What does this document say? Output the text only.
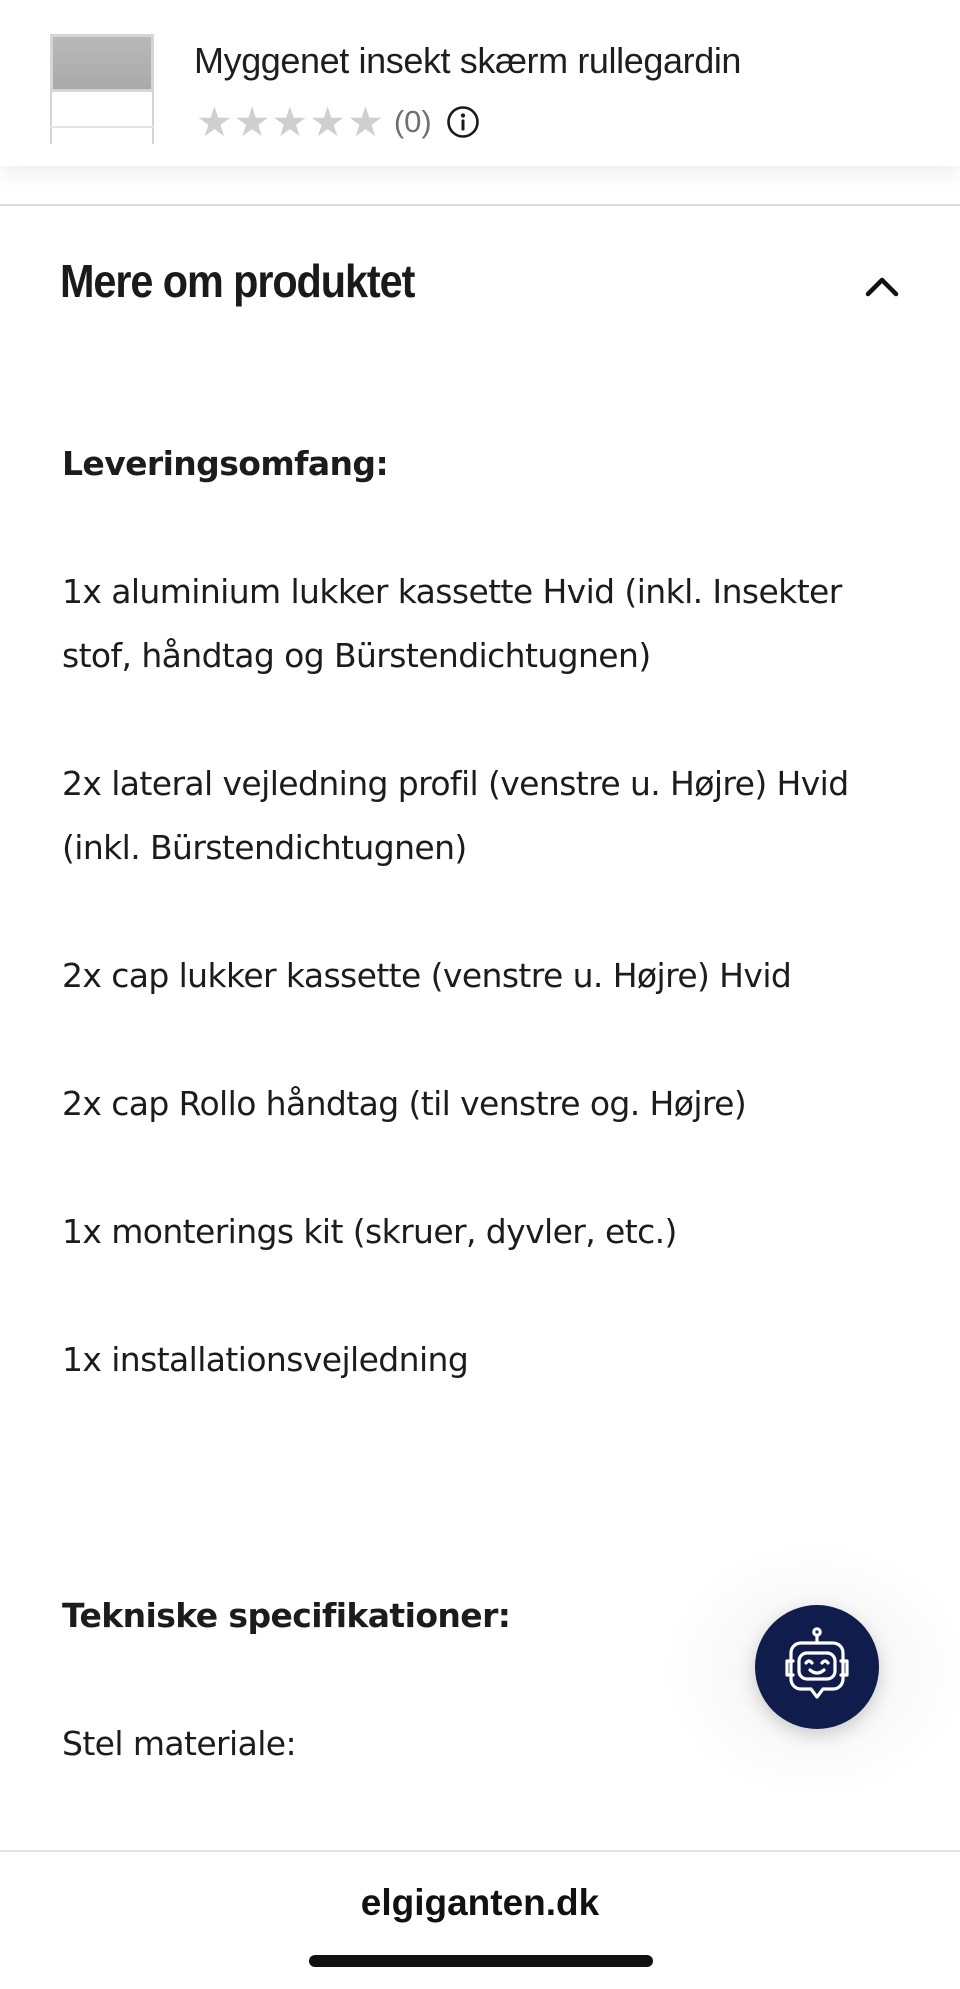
Myggenet insekt skærm rullegardin
★ ★ ★ ★ ★ (0)
Mere om produktet

Leveringsomfang:

1x aluminium lukker kassette Hvid (inkl. Insekter stof, håndtag og Bürstendichtugnen)

2x lateral vejledning profil (venstre u. Højre) Hvid (inkl. Bürstendichtugnen)

2x cap lukker kassette (venstre u. Højre) Hvid

2x cap Rollo håndtag (til venstre og. Højre)

1x monterings kit (skruer, dyvler, etc.)

1x installationsvejledning

Tekniske specifikationer:

Stel materiale:

elgiganten.dk
